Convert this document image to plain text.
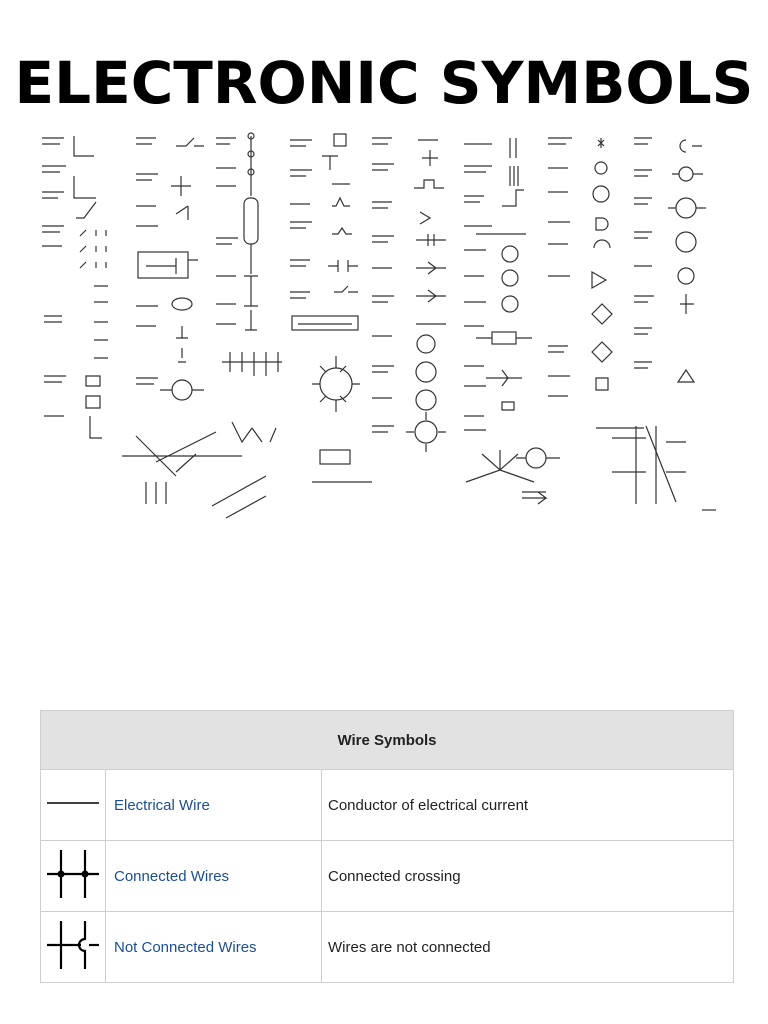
ELECTRONIC SYMBOLS
Wire Symbols		
	Electrical Wire	Conductor of electrical current
	Connected Wires	Connected crossing
	Not Connected Wires	Wires are not connected
